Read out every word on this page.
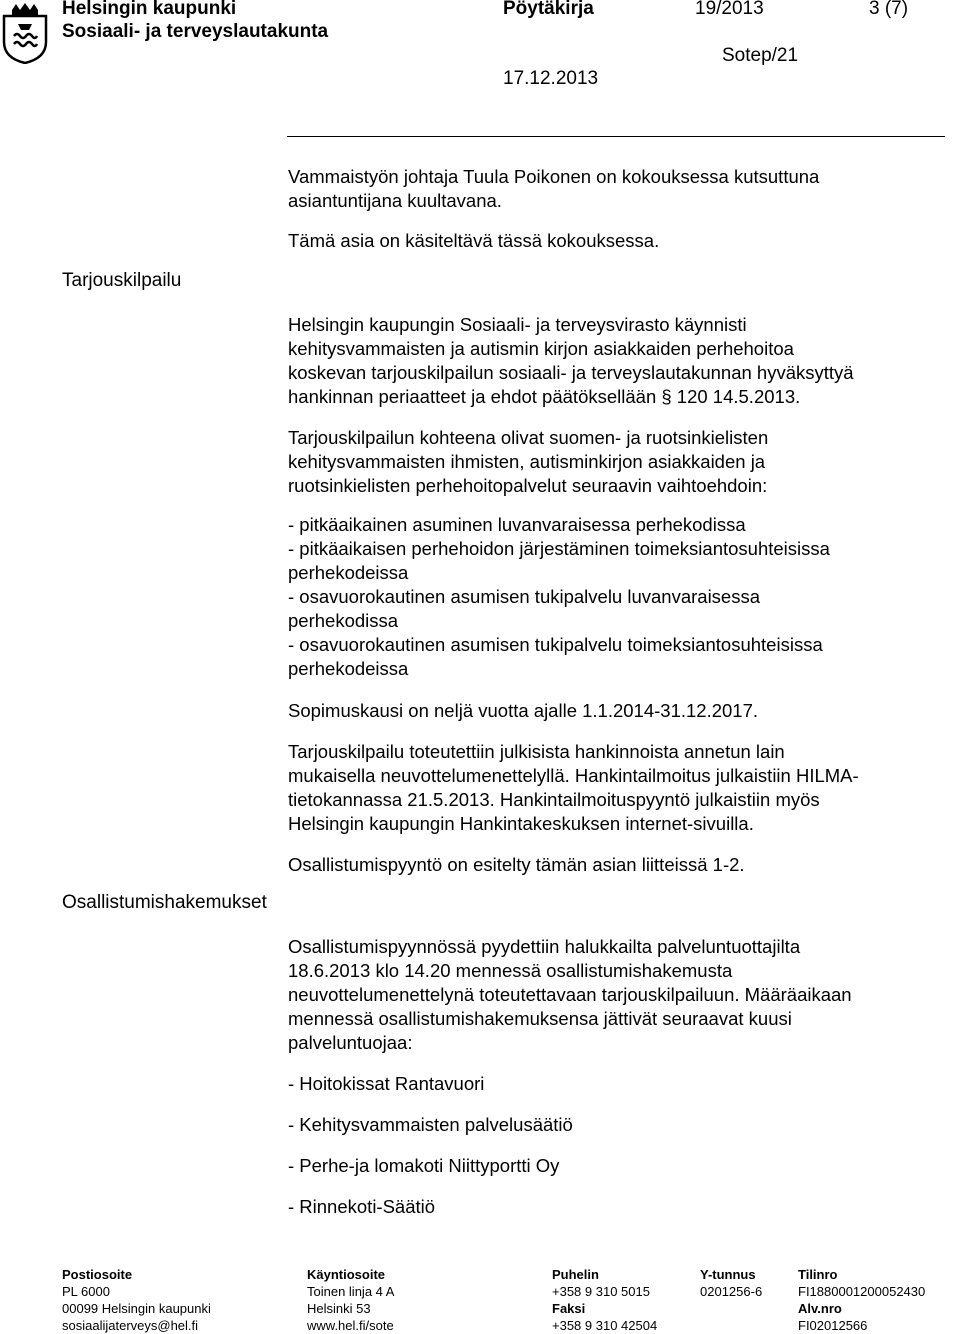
Helsingin kaupunki
Sosiaali- ja terveyslautakunta
Pöytäkirja	19/2013	3 (7)
Sotep/21
17.12.2013
Tarjouskilpailu
Osallistumishakemukset
Vammaistyön johtaja Tuula Poikonen on kokouksessa kutsuttuna
asiantuntijana kuultavana.
Tämä asia on käsiteltävä tässä kokouksessa.
Helsingin kaupungin Sosiaali- ja terveysvirasto käynnisti
kehitysvammaisten ja autismin kirjon asiakkaiden perhehoitoa
koskevan tarjouskilpailun sosiaali- ja terveyslautakunnan hyväksyttyä
hankinnan periaatteet ja ehdot päätöksellään § 120 14.5.2013.
Tarjouskilpailun kohteena olivat suomen- ja ruotsinkielisten
kehitysvammaisten ihmisten, autisminkirjon asiakkaiden ja
ruotsinkielisten perhehoitopalvelut seuraavin vaihtoehdoin:
- pitkäaikainen asuminen luvanvaraisessa perhekodissa
- pitkäaikaisen perhehoidon järjestäminen toimeksiantosuhteisissa
perhekodeissa
- osavuorokautinen asumisen tukipalvelu luvanvaraisessa
perhekodissa
- osavuorokautinen asumisen tukipalvelu toimeksiantosuhteisissa
perhekodeissa
Sopimuskausi on neljä vuotta ajalle 1.1.2014-31.12.2017.
Tarjouskilpailu toteutettiin julkisista hankinnoista annetun lain
mukaisella neuvottelumenettelyllä. Hankintailmoitus julkaistiin HILMA-
tietokannassa 21.5.2013. Hankintailmoituspyyntö julkaistiin myös
Helsingin kaupungin Hankintakeskuksen internet-sivuilla.
Osallistumispyyntö on esitelty tämän asian liitteissä 1-2.
Osallistumispyynnössä pyydettiin halukkailta palveluntuottajilta
18.6.2013 klo 14.20 mennessä osallistumishakemusta
neuvottelumenettelynä toteutettavaan tarjouskilpailuun. Määräaikaan
mennessä osallistumishakemuksensa jättivät seuraavat kuusi
palveluntuojaa:
- Hoitokissat Rantavuori
- Kehitysvammaisten palvelusäätiö
- Perhe-ja lomakoti Niittyportti Oy
- Rinnekoti-Säätiö
Postiosoite
PL 6000
00099 Helsingin kaupunki
sosiaalijaterveys@hel.fi
Käyntiosoite
Toinen linja 4 A
Helsinki 53
www.hel.fi/sote
Puhelin
+358 9 310 5015
Faksi
+358 9 310 42504
Y-tunnus
0201256-6
Tilinro
FI1880001200052430
Alv.nro
FI02012566
